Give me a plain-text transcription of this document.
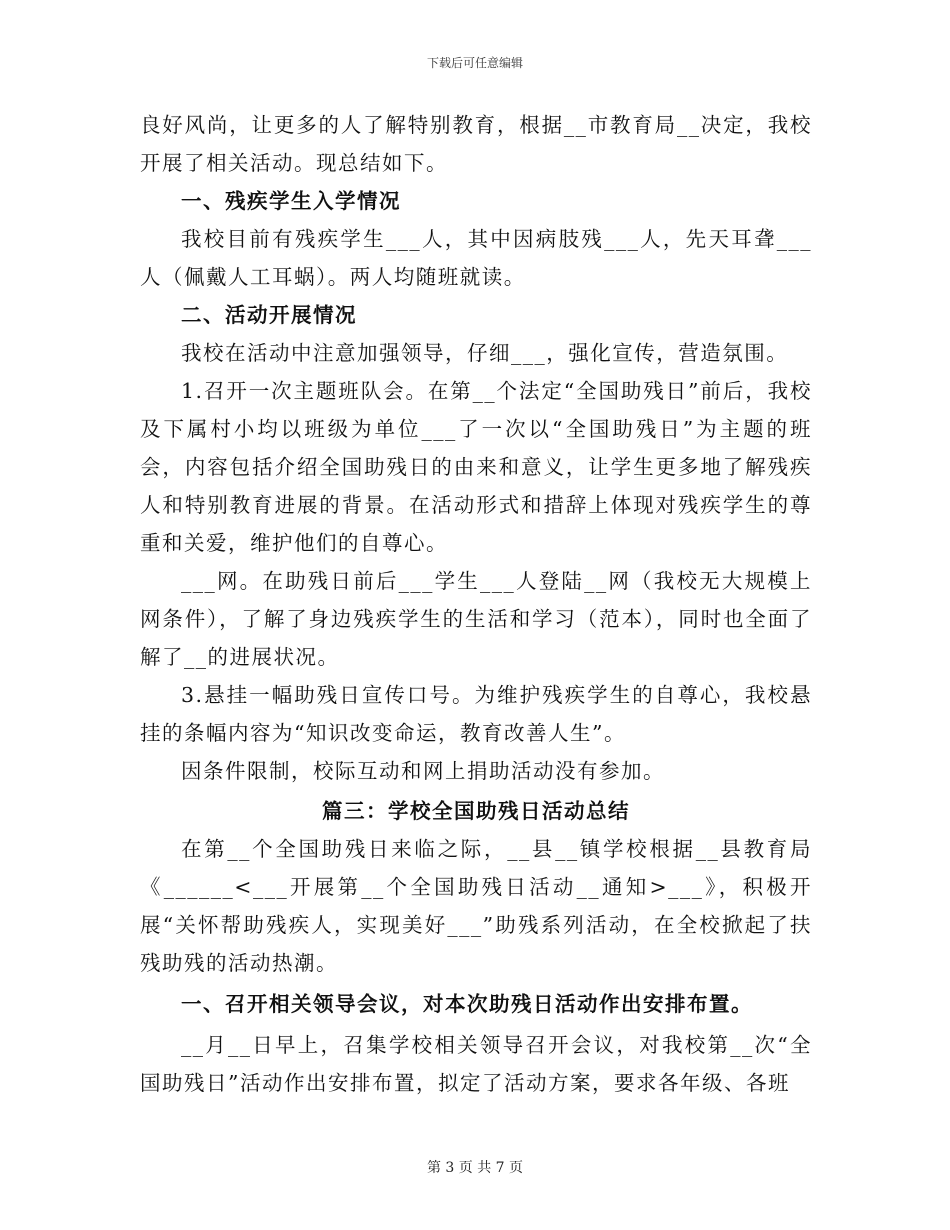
下载后可任意编辑

良好风尚，让更多的人了解特别教育，根据__市教育局__决定，我校开展了相关活动。现总结如下。

一、残疾学生入学情况

我校目前有残疾学生___人，其中因病肢残___人，先天耳聋___人（佩戴人工耳蜗）。两人均随班就读。

二、活动开展情况

我校在活动中注意加强领导，仔细___，强化宣传，营造氛围。

1.召开一次主题班队会。在第__个法定“全国助残日”前后，我校及下属村小均以班级为单位___了一次以“全国助残日”为主题的班会，内容包括介绍全国助残日的由来和意义，让学生更多地了解残疾人和特别教育进展的背景。在活动形式和措辞上体现对残疾学生的尊重和关爱，维护他们的自尊心。

___网。在助残日前后___学生___人登陆__网（我校无大规模上网条件），了解了身边残疾学生的生活和学习（范本），同时也全面了解了__的进展状况。

3.悬挂一幅助残日宣传口号。为维护残疾学生的自尊心，我校悬挂的条幅内容为“知识改变命运，教育改善人生”。

因条件限制，校际互动和网上捐助活动没有参加。

篇三：学校全国助残日活动总结

在第__个全国助残日来临之际，__县__镇学校根据__县教育局《______<___开展第__个全国助残日活动__通知>___》，积极开展“关怀帮助残疾人，实现美好___”助残系列活动，在全校掀起了扶残助残的活动热潮。

一、召开相关领导会议，对本次助残日活动作出安排布置。

__月__日早上，召集学校相关领导召开会议，对我校第__次“全国助残日”活动作出安排布置，拟定了活动方案，要求各年级、各班

第 3 页 共 7 页
